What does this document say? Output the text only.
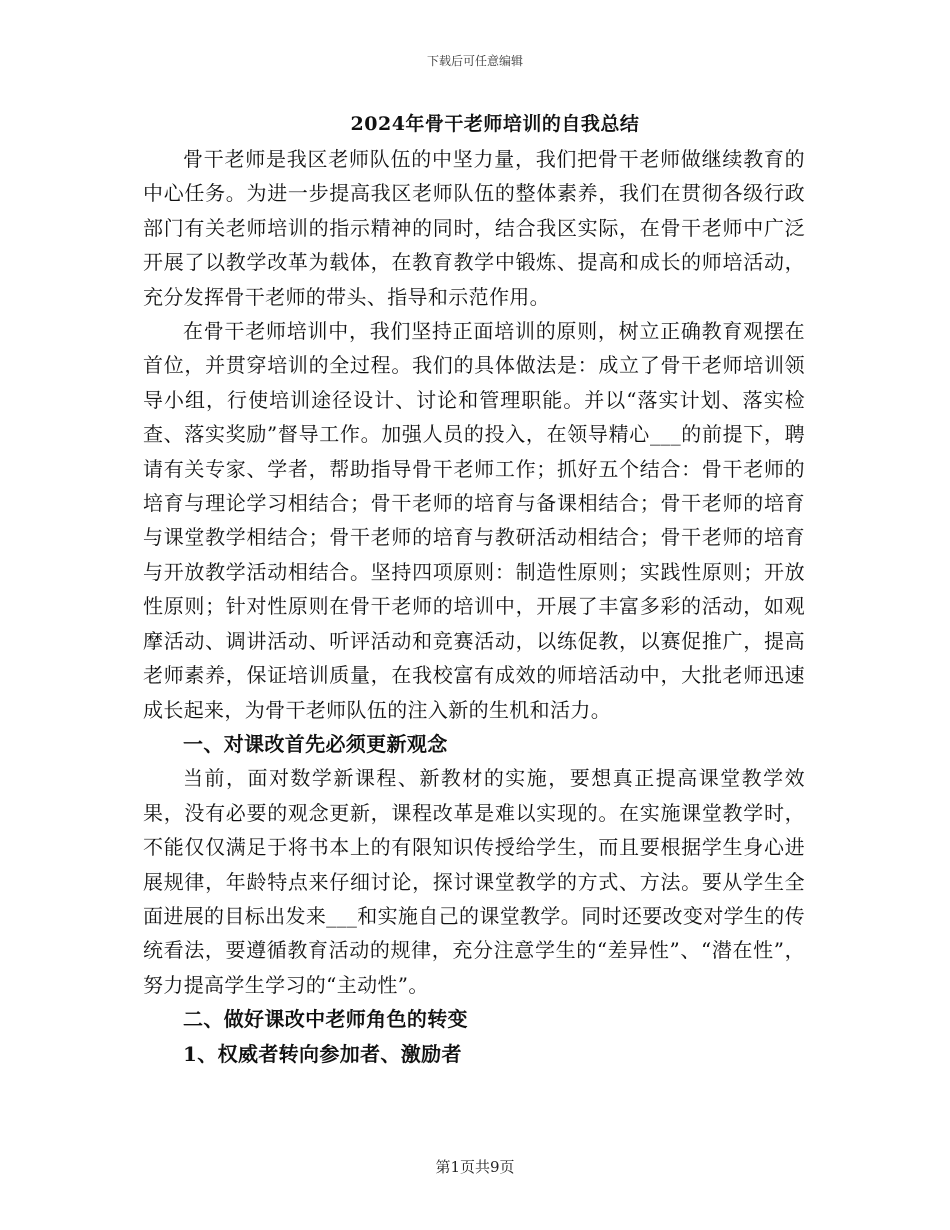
下载后可任意编辑
2024年骨干老师培训的自我总结

骨干老师是我区老师队伍的中坚力量，我们把骨干老师做继续教育的中心任务。为进一步提高我区老师队伍的整体素养，我们在贯彻各级行政部门有关老师培训的指示精神的同时，结合我区实际，在骨干老师中广泛开展了以教学改革为载体，在教育教学中锻炼、提高和成长的师培活动，充分发挥骨干老师的带头、指导和示范作用。

在骨干老师培训中，我们坚持正面培训的原则，树立正确教育观摆在首位，并贯穿培训的全过程。我们的具体做法是：成立了骨干老师培训领导小组，行使培训途径设计、讨论和管理职能。并以“落实计划、落实检查、落实奖励”督导工作。加强人员的投入，在领导精心___的前提下，聘请有关专家、学者，帮助指导骨干老师工作；抓好五个结合：骨干老师的培育与理论学习相结合；骨干老师的培育与备课相结合；骨干老师的培育与课堂教学相结合；骨干老师的培育与教研活动相结合；骨干老师的培育与开放教学活动相结合。坚持四项原则：制造性原则；实践性原则；开放性原则；针对性原则在骨干老师的培训中，开展了丰富多彩的活动，如观摩活动、调讲活动、听评活动和竞赛活动，以练促教，以赛促推广，提高老师素养，保证培训质量，在我校富有成效的师培活动中，大批老师迅速成长起来，为骨干老师队伍的注入新的生机和活力。

一、对课改首先必须更新观念

当前，面对数学新课程、新教材的实施，要想真正提高课堂教学效果，没有必要的观念更新，课程改革是难以实现的。在实施课堂教学时，不能仅仅满足于将书本上的有限知识传授给学生，而且要根据学生身心进展规律，年龄特点来仔细讨论，探讨课堂教学的方式、方法。要从学生全面进展的目标出发来___和实施自己的课堂教学。同时还要改变对学生的传统看法，要遵循教育活动的规律，充分注意学生的“差异性”、“潜在性”，努力提高学生学习的“主动性”。

二、做好课改中老师角色的转变

1、权威者转向参加者、激励者

第1页共9页
